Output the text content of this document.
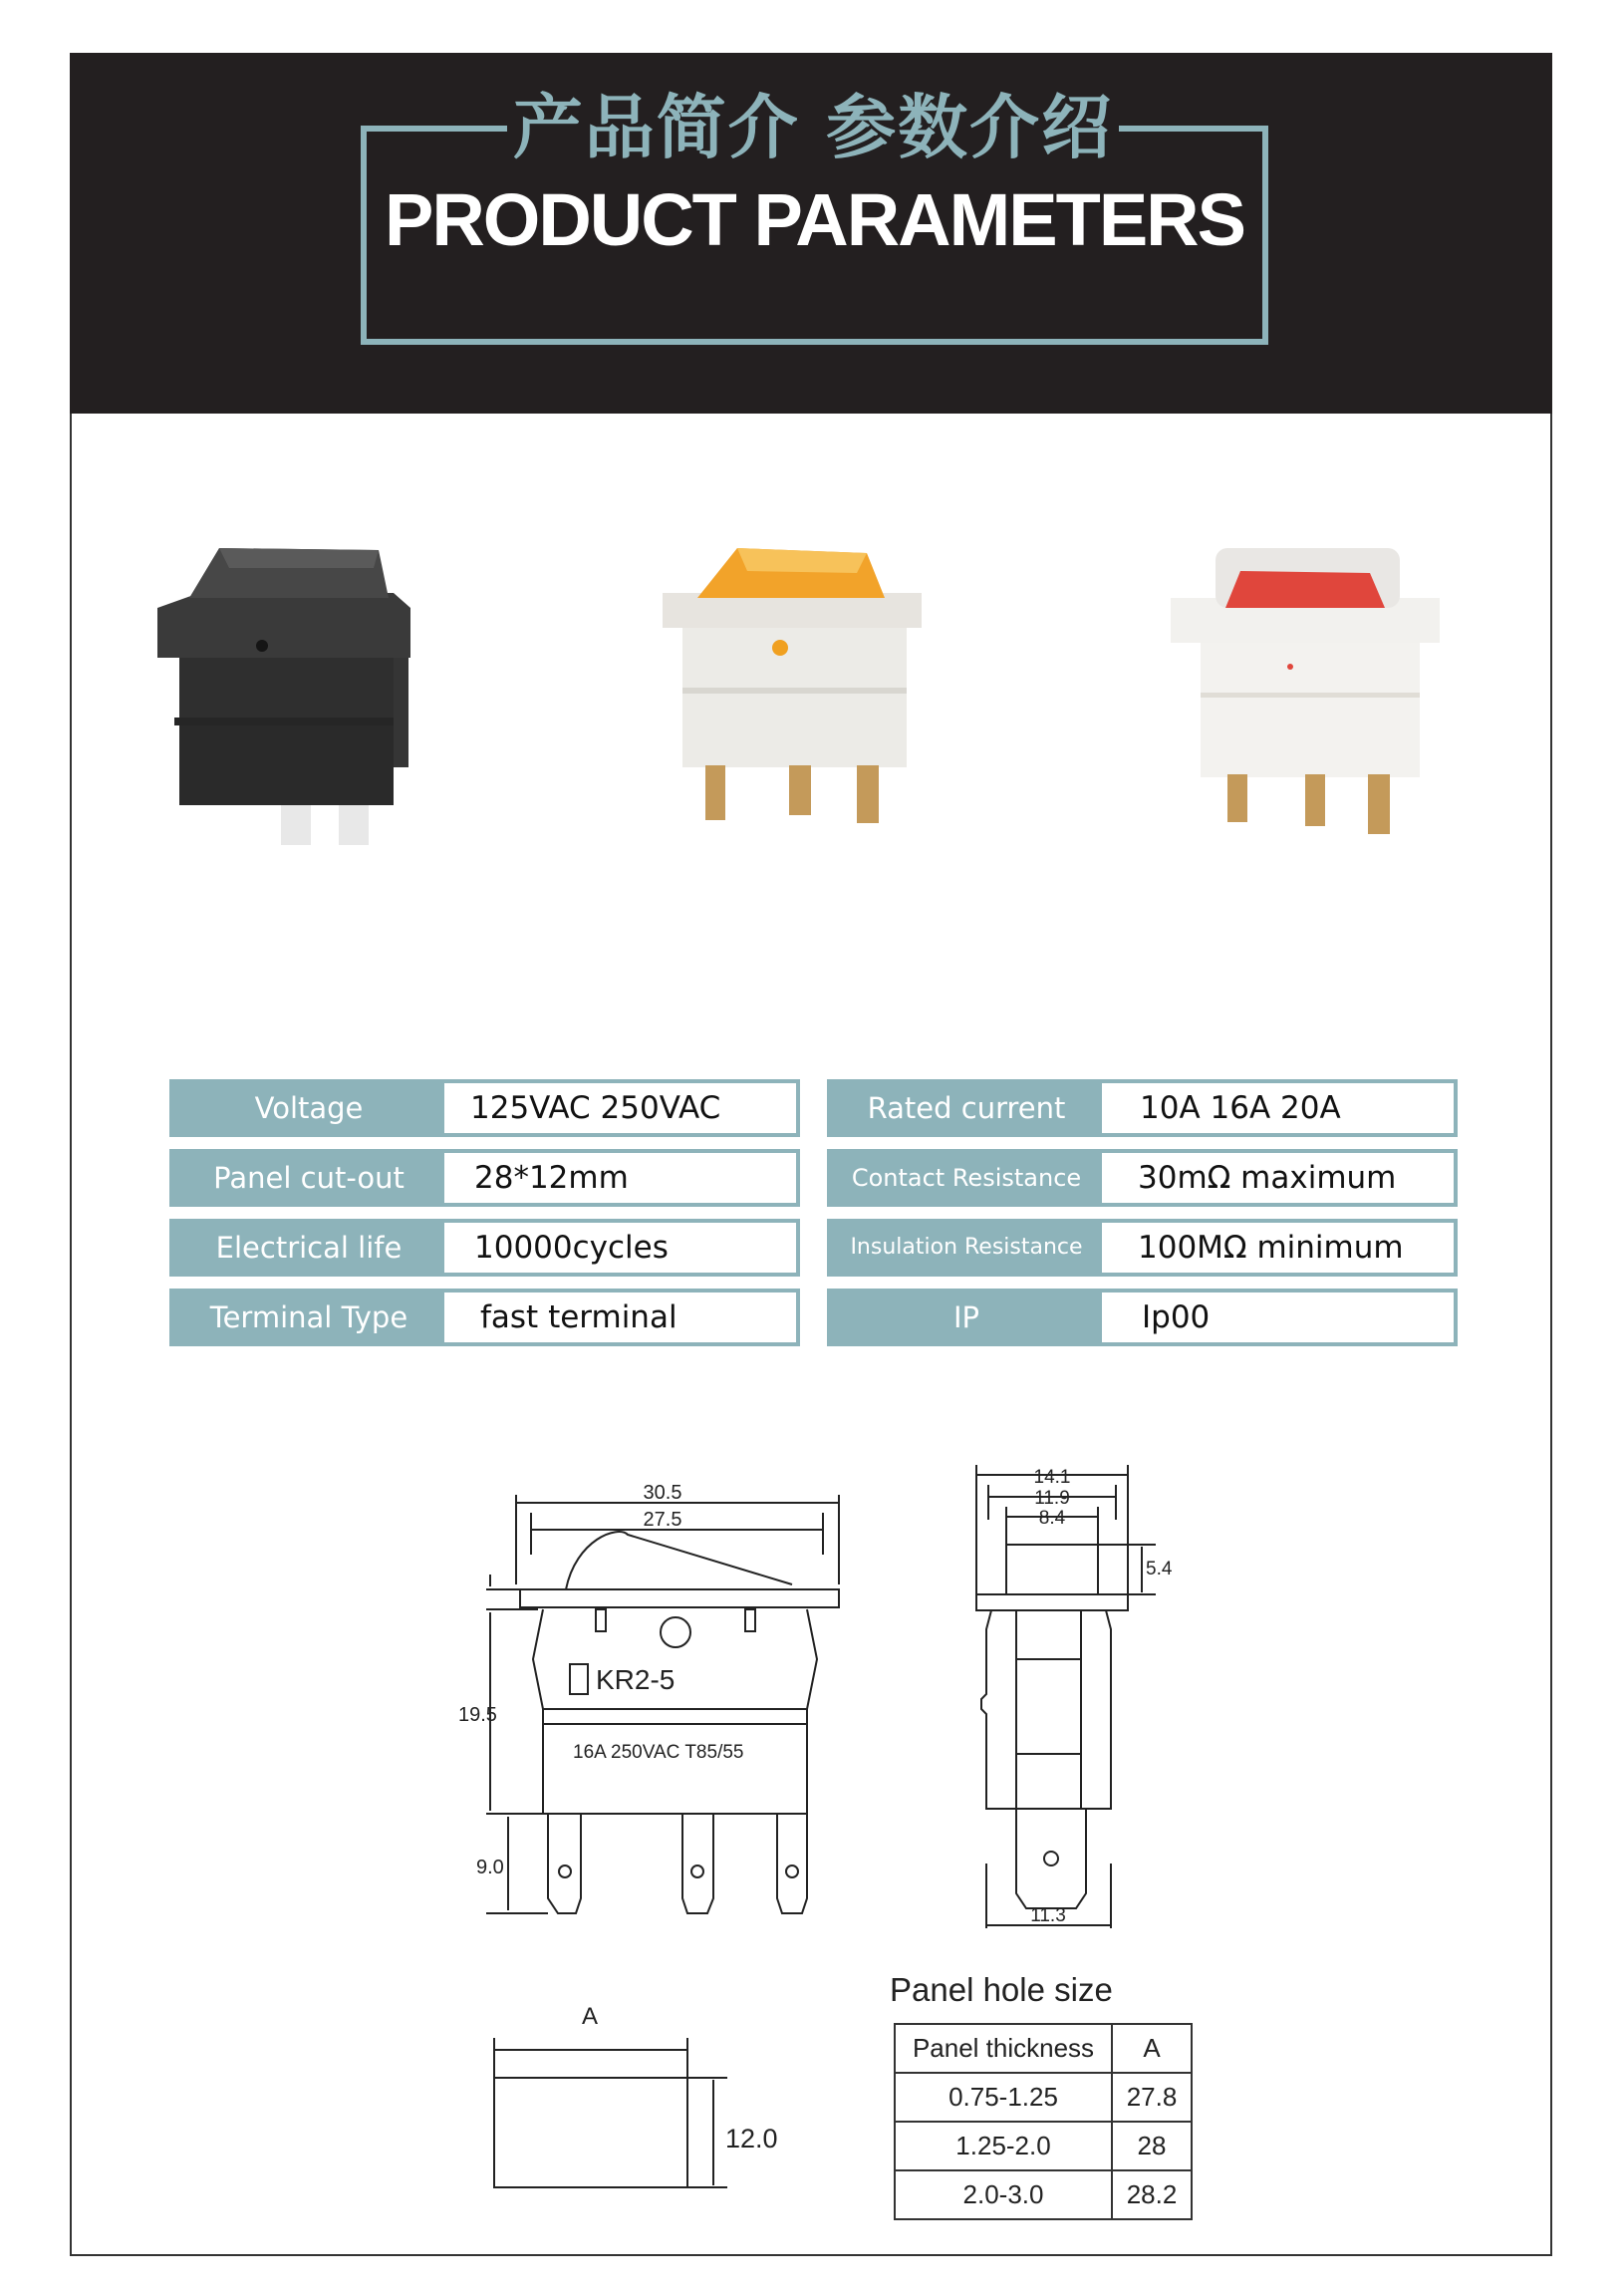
产品简介 参数介绍
PRODUCT PARAMETERS
Voltage	125VAC 250VAC
Panel cut-out	28*12mm
Electrical life	10000cycles
Terminal Type	fast terminal
Rated current	10A 16A 20A
Contact Resistance	30mΩ maximum
Insulation Resistance	100MΩ minimum
IP	Ip00
30.5
27.5
KR2-5
16A 250VAC T85/55
19.5
9.0
14.1
11.9
8.4
5.4
11.3
A
12.0
Panel hole size
Panel thickness	A
0.75-1.25	27.8
1.25-2.0	28
2.0-3.0	28.2
